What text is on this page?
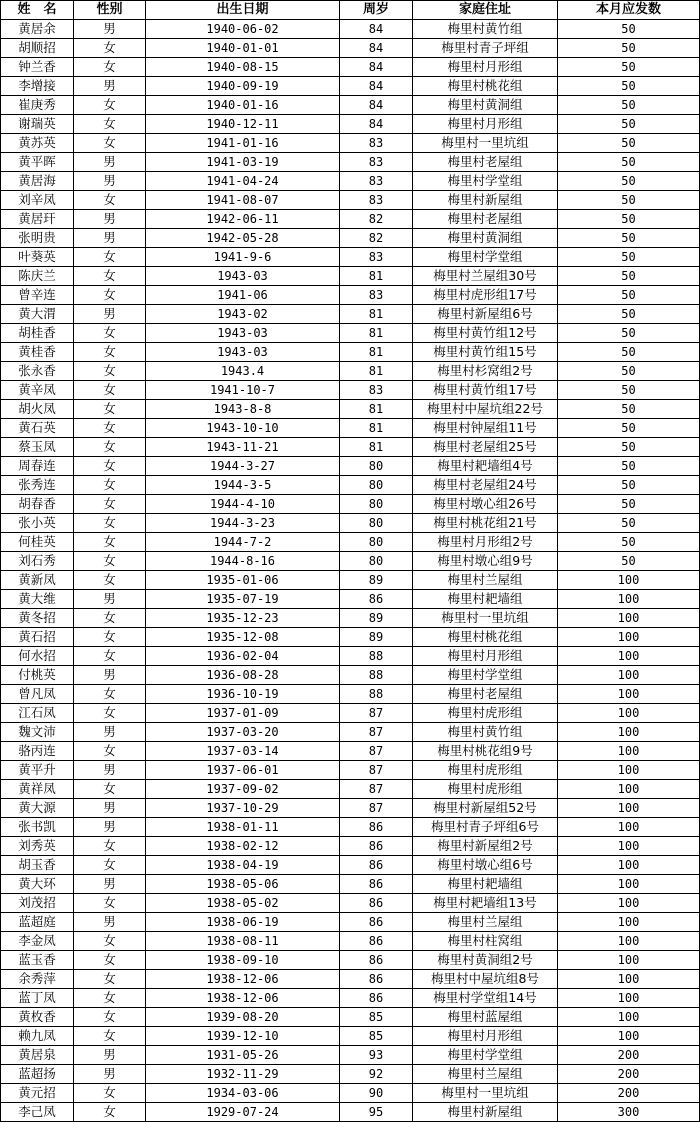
姓　名	性别	出生日期	周岁	家庭住址	本月应发数
黄居余	男	1940-06-02	84	梅里村黄竹组	50
胡顺招	女	1940-01-01	84	梅里村青子坪组	50
钟兰香	女	1940-08-15	84	梅里村月形组	50
李增接	男	1940-09-19	84	梅里村桃花组	50
崔庚秀	女	1940-01-16	84	梅里村黄洞组	50
谢瑞英	女	1940-12-11	84	梅里村月形组	50
黄苏英	女	1941-01-16	83	梅里村一里坑组	50
黄平晖	男	1941-03-19	83	梅里村老屋组	50
黄居海	男	1941-04-24	83	梅里村学堂组	50
刘辛凤	女	1941-08-07	83	梅里村新屋组	50
黄居玕	男	1942-06-11	82	梅里村老屋组	50
张明贵	男	1942-05-28	82	梅里村黄洞组	50
叶葵英	女	1941-9-6	83	梅里村学堂组	50
陈庆兰	女	1943-03	81	梅里村兰屋组30号	50
曾辛连	女	1941-06	83	梅里村虎形组17号	50
黄大渭	男	1943-02	81	梅里村新屋组6号	50
胡桂香	女	1943-03	81	梅里村黄竹组12号	50
黄桂香	女	1943-03	81	梅里村黄竹组15号	50
张永香	女	1943.4	81	梅里村杉窝组2号	50
黄辛凤	女	1941-10-7	83	梅里村黄竹组17号	50
胡火凤	女	1943-8-8	81	梅里村中屋坑组22号	50
黄石英	女	1943-10-10	81	梅里村钟屋组11号	50
蔡玉凤	女	1943-11-21	81	梅里村老屋组25号	50
周春连	女	1944-3-27	80	梅里村耙墙组4号	50
张秀连	女	1944-3-5	80	梅里村老屋组24号	50
胡春香	女	1944-4-10	80	梅里村墩心组26号	50
张小英	女	1944-3-23	80	梅里村桃花组21号	50
何桂英	女	1944-7-2	80	梅里村月形组2号	50
刘石秀	女	1944-8-16	80	梅里村墩心组9号	50
黄新凤	女	1935-01-06	89	梅里村兰屋组	100
黄大维	男	1935-07-19	86	梅里村耙墙组	100
黄冬招	女	1935-12-23	89	梅里村一里坑组	100
黄石招	女	1935-12-08	89	梅里村桃花组	100
何水招	女	1936-02-04	88	梅里村月形组	100
付桃英	男	1936-08-28	88	梅里村学堂组	100
曾凡凤	女	1936-10-19	88	梅里村老屋组	100
江石凤	女	1937-01-09	87	梅里村虎形组	100
魏文沛	男	1937-03-20	87	梅里村黄竹组	100
骆丙连	女	1937-03-14	87	梅里村桃花组9号	100
黄平升	男	1937-06-01	87	梅里村虎形组	100
黄祥凤	女	1937-09-02	87	梅里村虎形组	100
黄大源	男	1937-10-29	87	梅里村新屋组52号	100
张书凯	男	1938-01-11	86	梅里村青子坪组6号	100
刘秀英	女	1938-02-12	86	梅里村新屋组2号	100
胡玉香	女	1938-04-19	86	梅里村墩心组6号	100
黄大环	男	1938-05-06	86	梅里村耙墙组	100
刘茂招	女	1938-05-02	86	梅里村耙墙组13号	100
蓝超庭	男	1938-06-19	86	梅里村兰屋组	100
李金凤	女	1938-08-11	86	梅里村柱窝组	100
蓝玉香	女	1938-09-10	86	梅里村黄洞组2号	100
余秀萍	女	1938-12-06	86	梅里村中屋坑组8号	100
蓝丁凤	女	1938-12-06	86	梅里村学堂组14号	100
黄枚香	女	1939-08-20	85	梅里村蓝屋组	100
赖九凤	女	1939-12-10	85	梅里村月形组	100
黄居泉	男	1931-05-26	93	梅里村学堂组	200
蓝超扬	男	1932-11-29	92	梅里村兰屋组	200
黄元招	女	1934-03-06	90	梅里村一里坑组	200
李己凤	女	1929-07-24	95	梅里村新屋组	300
